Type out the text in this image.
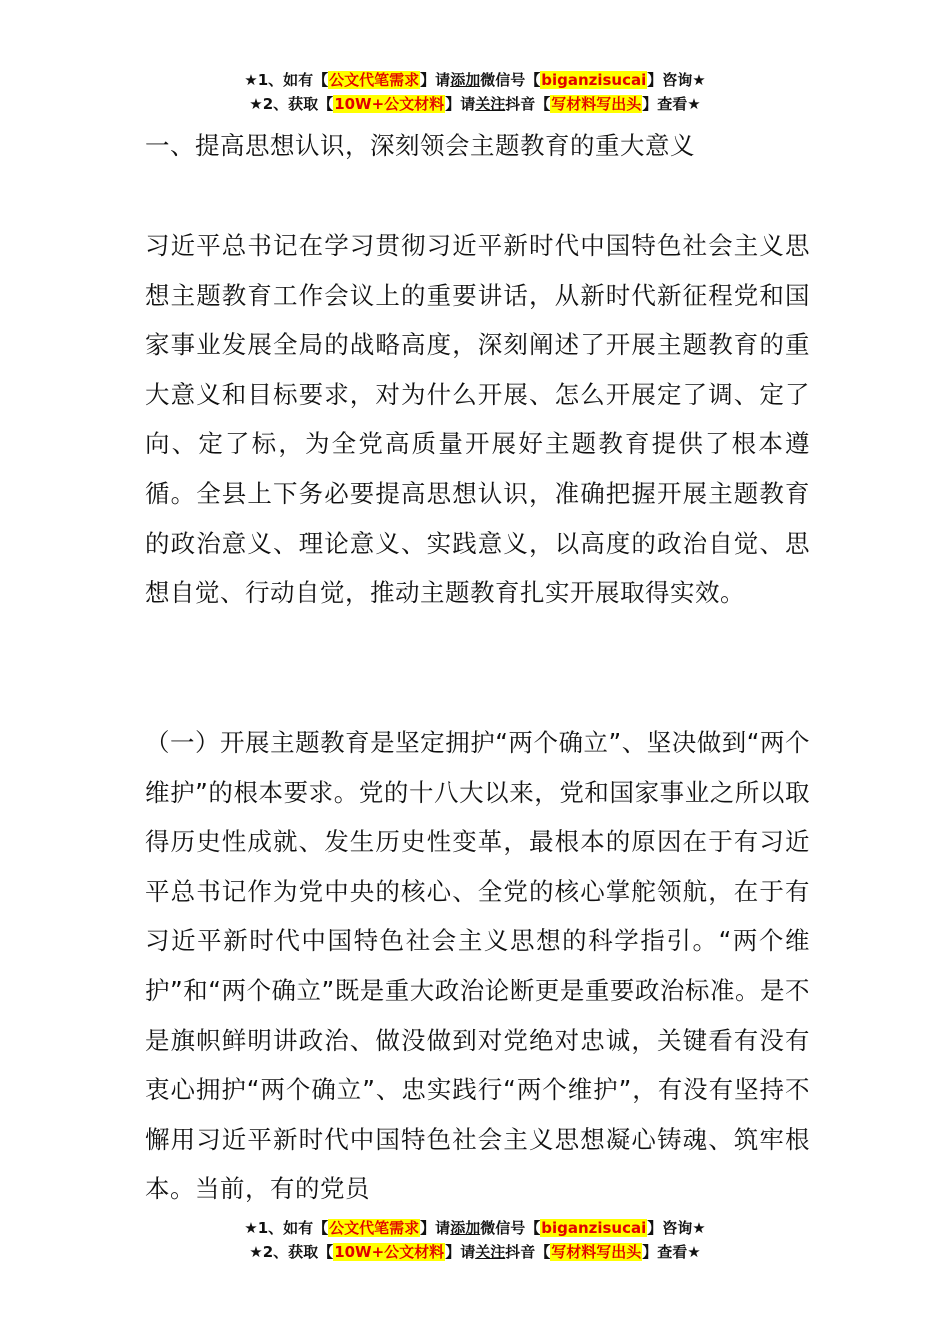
★1、如有【公文代笔需求】请添加微信号【biganzisucai】咨询★
★2、获取【10W+公文材料】请关注抖音【写材料写出头】查看★
一、提高思想认识，深刻领会主题教育的重大意义

习近平总书记在学习贯彻习近平新时代中国特色社会主义思想主题教育工作会议上的重要讲话，从新时代新征程党和国家事业发展全局的战略高度，深刻阐述了开展主题教育的重大意义和目标要求，对为什么开展、怎么开展定了调、定了向、定了标，为全党高质量开展好主题教育提供了根本遵循。全县上下务必要提高思想认识，准确把握开展主题教育的政治意义、理论意义、实践意义，以高度的政治自觉、思想自觉、行动自觉，推动主题教育扎实开展取得实效。

（一）开展主题教育是坚定拥护“两个确立”、坚决做到“两个维护”的根本要求。党的十八大以来，党和国家事业之所以取得历史性成就、发生历史性变革，最根本的原因在于有习近平总书记作为党中央的核心、全党的核心掌舵领航，在于有习近平新时代中国特色社会主义思想的科学指引。“两个维护”和“两个确立”既是重大政治论断更是重要政治标准。是不是旗帜鲜明讲政治、做没做到对党绝对忠诚，关键看有没有衷心拥护“两个确立”、忠实践行“两个维护”，有没有坚持不懈用习近平新时代中国特色社会主义思想凝心铸魂、筑牢根本。当前，有的党员

★1、如有【公文代笔需求】请添加微信号【biganzisucai】咨询★
★2、获取【10W+公文材料】请关注抖音【写材料写出头】查看★
